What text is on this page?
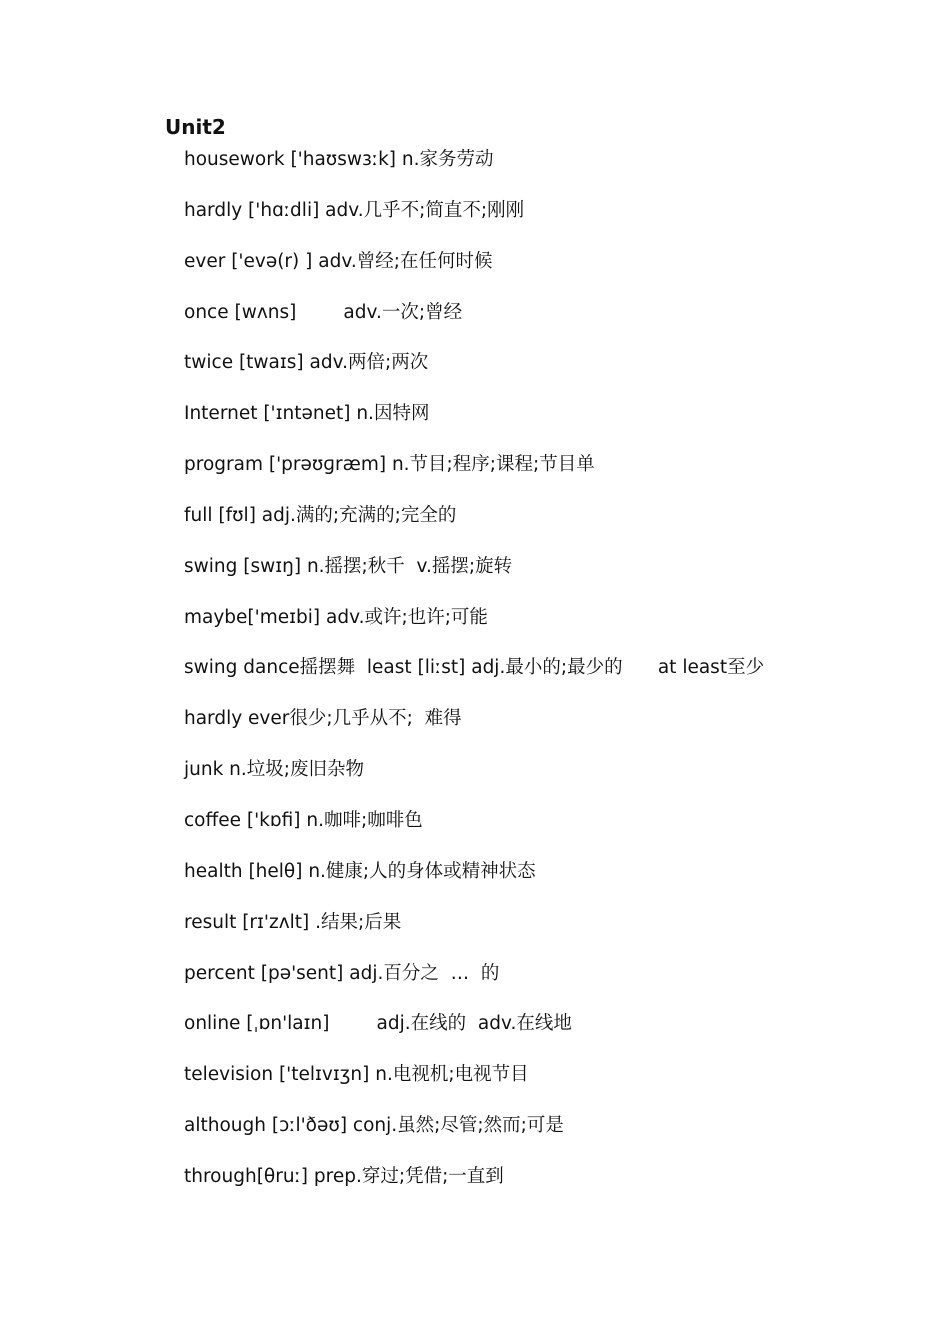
Unit2
housework ['haʊswɜːk] n.家务劳动
hardly ['hɑːdli] adv.几乎不;简直不;刚刚
ever ['evə(r) ] adv.曾经;在任何时候
once [wʌns]        adv.一次;曾经
twice [twaɪs] adv.两倍;两次
Internet ['ɪntənet] n.因特网
program ['prəʊɡræm] n.节目;程序;课程;节目单
full [fʊl] adj.满的;充满的;完全的
swing [swɪŋ] n.摇摆;秋千  v.摇摆;旋转
maybe['meɪbi] adv.或许;也许;可能
swing dance摇摆舞  least [liːst] adj.最小的;最少的      at least至少
hardly ever很少;几乎从不;  难得
junk n.垃圾;废旧杂物
coffee ['kɒfi] n.咖啡;咖啡色
health [helθ] n.健康;人的身体或精神状态
result [rɪ'zʌlt] .结果;后果
percent [pə'sent] adj.百分之  …  的
online [ˌɒn'laɪn]        adj.在线的  adv.在线地
television ['telɪvɪʒn] n.电视机;电视节目
although [ɔːl'ðəʊ] conj.虽然;尽管;然而;可是
through[θruː] prep.穿过;凭借;一直到
